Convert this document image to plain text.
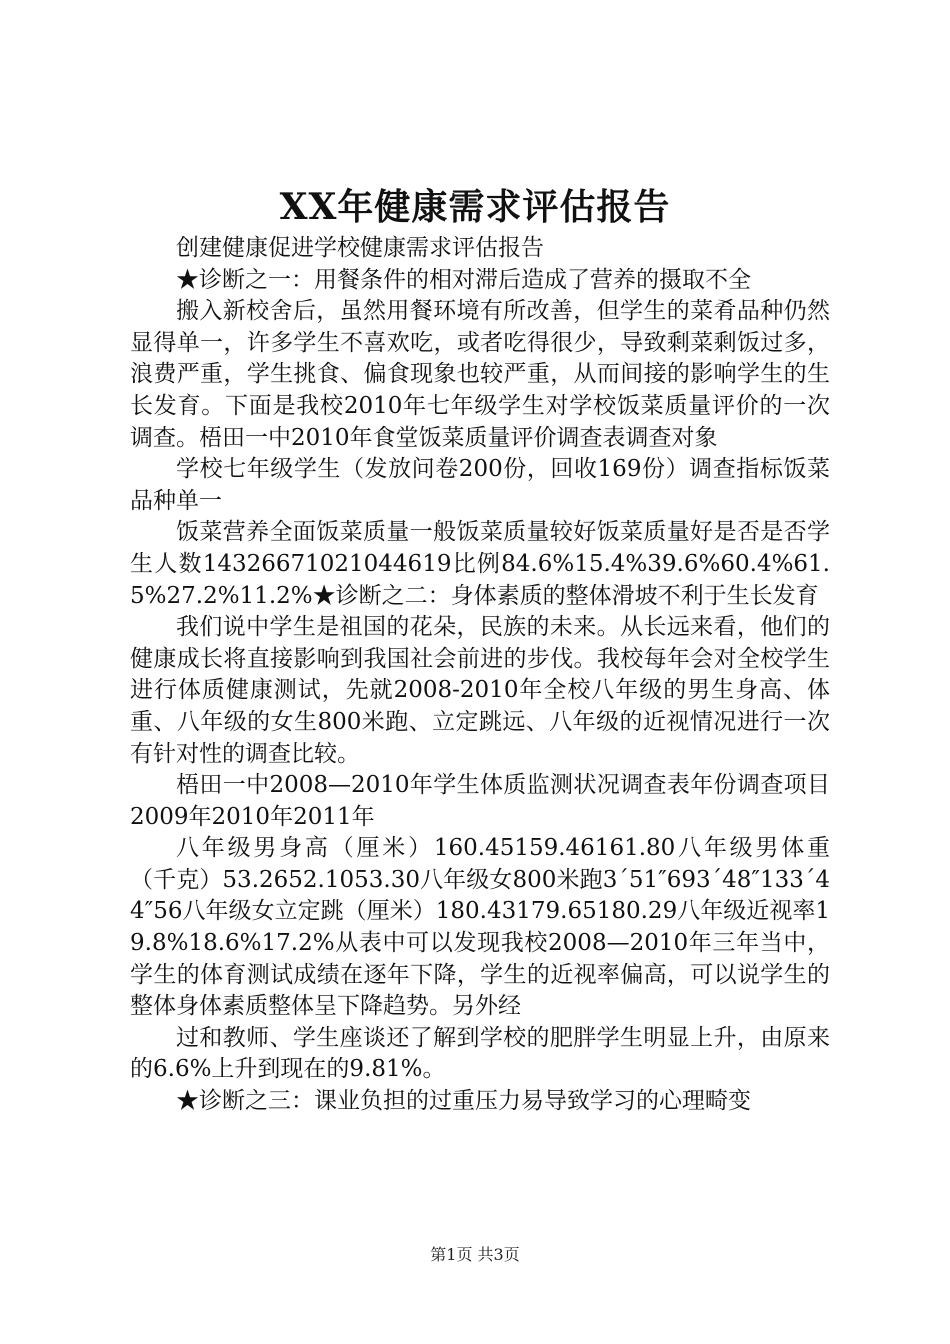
XX年健康需求评估报告

创建健康促进学校健康需求评估报告

★诊断之一：用餐条件的相对滞后造成了营养的摄取不全

搬入新校舍后，虽然用餐环境有所改善，但学生的菜肴品种仍然显得单一，许多学生不喜欢吃，或者吃得很少，导致剩菜剩饭过多，浪费严重，学生挑食、偏食现象也较严重，从而间接的影响学生的生长发育。下面是我校2010年七年级学生对学校饭菜质量评价的一次调查。梧田一中2010年食堂饭菜质量评价调查表调查对象

学校七年级学生（发放问卷200份，回收169份）调查指标饭菜品种单一

饭菜营养全面饭菜质量一般饭菜质量较好饭菜质量好是否是否学生人数14326671021044619比例84.6%15.4%39.6%60.4%61.5%27.2%11.2%★诊断之二：身体素质的整体滑坡不利于生长发育

我们说中学生是祖国的花朵，民族的未来。从长远来看，他们的健康成长将直接影响到我国社会前进的步伐。我校每年会对全校学生进行体质健康测试，先就2008-2010年全校八年级的男生身高、体重、八年级的女生800米跑、立定跳远、八年级的近视情况进行一次有针对性的调查比较。

梧田一中2008—2010年学生体质监测状况调查表年份调查项目2009年2010年2011年

八年级男身高（厘米）160.45159.46161.80八年级男体重（千克）53.2652.1053.30八年级女800米跑3´51″693´48″133´44″56八年级女立定跳（厘米）180.43179.65180.29八年级近视率19.8%18.6%17.2%从表中可以发现我校2008—2010年三年当中，学生的体育测试成绩在逐年下降，学生的近视率偏高，可以说学生的整体身体素质整体呈下降趋势。另外经

过和教师、学生座谈还了解到学校的肥胖学生明显上升，由原来的6.6%上升到现在的9.81%。

★诊断之三：课业负担的过重压力易导致学习的心理畸变

第1页 共3页
